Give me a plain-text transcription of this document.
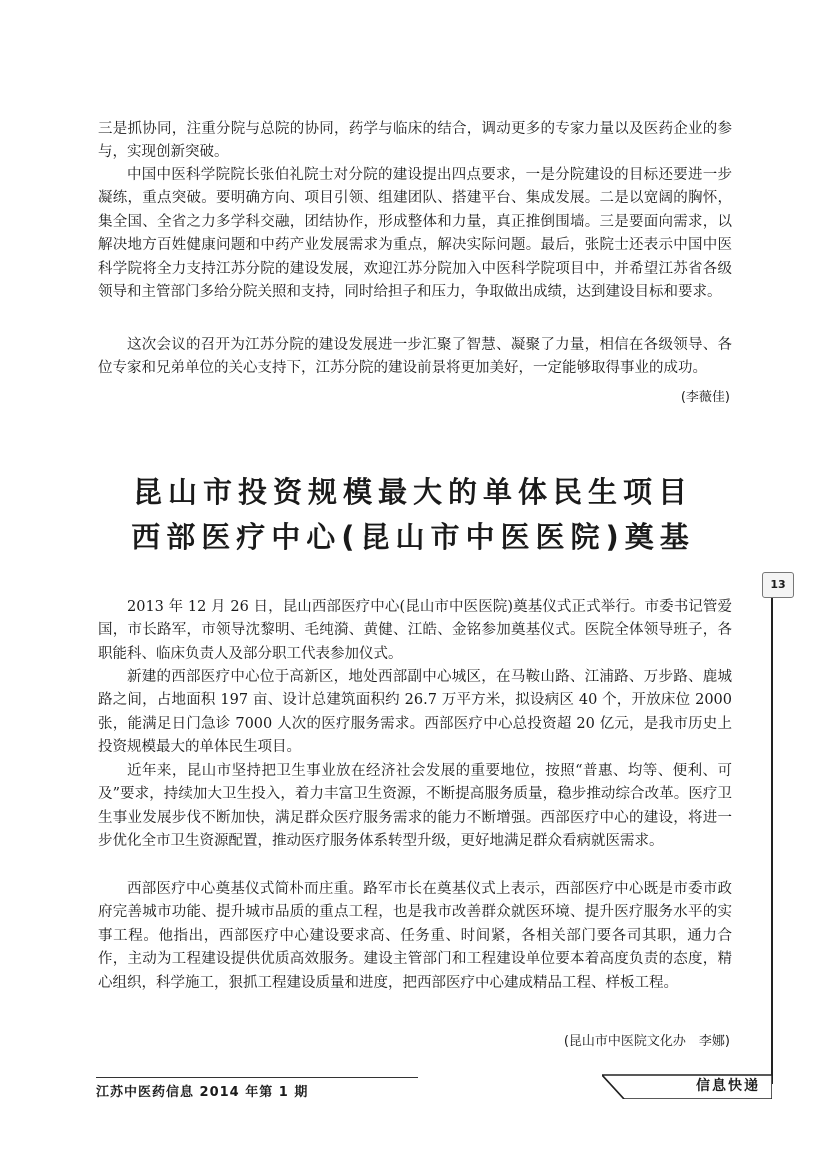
三是抓协同，注重分院与总院的协同，药学与临床的结合，调动更多的专家力量以及医药企业的参与，实现创新突破。

中国中医科学院院长张伯礼院士对分院的建设提出四点要求，一是分院建设的目标还要进一步凝练，重点突破。要明确方向、项目引领、组建团队、搭建平台、集成发展。二是以宽阔的胸怀，集全国、全省之力多学科交融，团结协作，形成整体和力量，真正推倒围墙。三是要面向需求，以解决地方百姓健康问题和中药产业发展需求为重点，解决实际问题。最后，张院士还表示中国中医科学院将全力支持江苏分院的建设发展，欢迎江苏分院加入中医科学院项目中，并希望江苏省各级领导和主管部门多给分院关照和支持，同时给担子和压力，争取做出成绩，达到建设目标和要求。

这次会议的召开为江苏分院的建设发展进一步汇聚了智慧、凝聚了力量，相信在各级领导、各位专家和兄弟单位的关心支持下，江苏分院的建设前景将更加美好，一定能够取得事业的成功。

(李薇佳)
昆山市投资规模最大的单体民生项目
西部医疗中心(昆山市中医医院)奠基
13

2013 年 12 月 26 日，昆山西部医疗中心(昆山市中医医院)奠基仪式正式举行。市委书记管爱国，市长路军，市领导沈黎明、毛纯漪、黄健、江皓、金铭参加奠基仪式。医院全体领导班子，各职能科、临床负责人及部分职工代表参加仪式。

新建的西部医疗中心位于高新区，地处西部副中心城区，在马鞍山路、江浦路、万步路、鹿城路之间，占地面积 197 亩、设计总建筑面积约 26.7 万平方米，拟设病区 40 个，开放床位 2000 张，能满足日门急诊 7000 人次的医疗服务需求。西部医疗中心总投资超 20 亿元，是我市历史上投资规模最大的单体民生项目。

近年来，昆山市坚持把卫生事业放在经济社会发展的重要地位，按照“普惠、均等、便利、可及”要求，持续加大卫生投入，着力丰富卫生资源，不断提高服务质量，稳步推动综合改革。医疗卫生事业发展步伐不断加快，满足群众医疗服务需求的能力不断增强。西部医疗中心的建设，将进一步优化全市卫生资源配置，推动医疗服务体系转型升级，更好地满足群众看病就医需求。

西部医疗中心奠基仪式简朴而庄重。路军市长在奠基仪式上表示，西部医疗中心既是市委市政府完善城市功能、提升城市品质的重点工程，也是我市改善群众就医环境、提升医疗服务水平的实事工程。他指出，西部医疗中心建设要求高、任务重、时间紧，各相关部门要各司其职，通力合作，主动为工程建设提供优质高效服务。建设主管部门和工程建设单位要本着高度负责的态度，精心组织，科学施工，狠抓工程建设质量和进度，把西部医疗中心建成精品工程、样板工程。

(昆山市中医院文化办　李娜)
江苏中医药信息 2014 年第 1 期	信息快递
